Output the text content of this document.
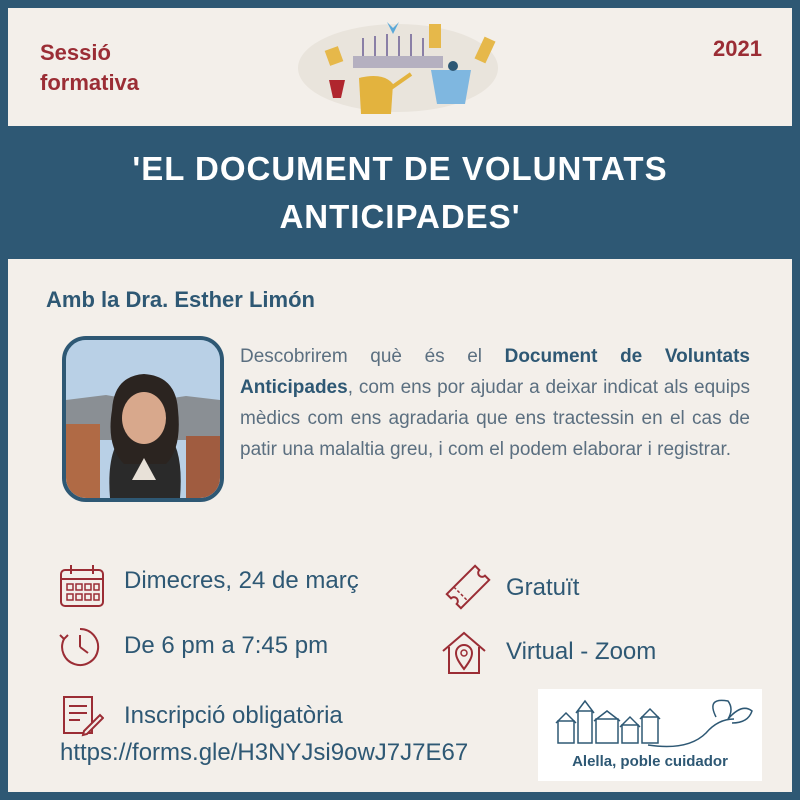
Sessió
formativa
2021
'EL DOCUMENT DE VOLUNTATS
ANTICIPADES'
Amb la Dra. Esther Limón
Descobrirem què és el Document de Voluntats Anticipades, com ens por ajudar a deixar indicat als equips mèdics com ens agradaria que ens tractessin en el cas de patir una malaltia greu, i com el podem elaborar i registrar.
Dimecres, 24 de març
De 6 pm a 7:45 pm
Gratuït
Virtual - Zoom
Inscripció obligatòria
https://forms.gle/H3NYJsi9owJ7J7E67	Alella, poble cuidador
